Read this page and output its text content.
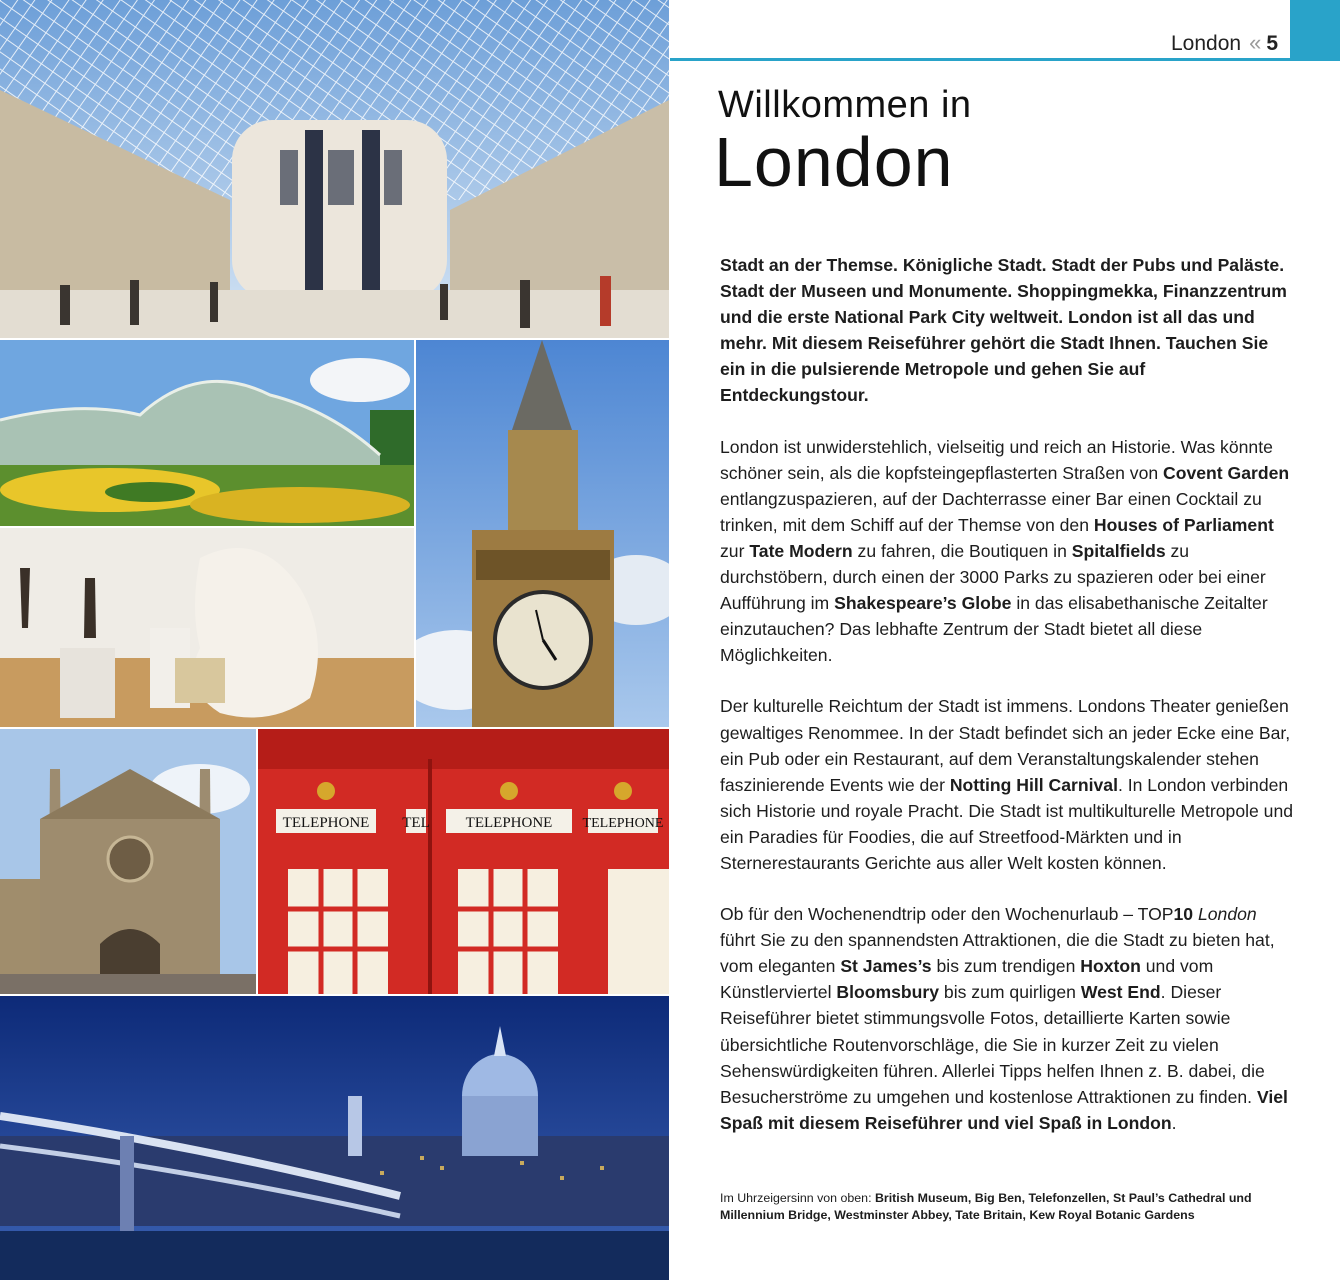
TELEPHONE TEL TELEPHONE TELEPHONE
London « 5
Willkommen in
London

Stadt an der Themse. Königliche Stadt. Stadt der Pubs und Paläste. Stadt der Museen und Monumente. Shoppingmekka, Finanzzentrum und die erste National Park City weltweit. London ist all das und mehr. Mit diesem Reiseführer gehört die Stadt Ihnen. Tauchen Sie ein in die pulsierende Metropole und gehen Sie auf Entdeckungstour.

London ist unwiderstehlich, vielseitig und reich an Historie. Was könnte schöner sein, als die kopfsteingepflasterten Straßen von Covent Garden entlangzuspazieren, auf der Dachterrasse einer Bar einen Cocktail zu trinken, mit dem Schiff auf der Themse von den Houses of Parliament zur Tate Modern zu fahren, die Boutiquen in Spitalfields zu durchstöbern, durch einen der 3000 Parks zu spazieren oder bei einer Aufführung im Shakespeare’s Globe in das elisabethanische Zeitalter einzutauchen? Das lebhafte Zentrum der Stadt bietet all diese Möglichkeiten.

Der kulturelle Reichtum der Stadt ist immens. Londons Theater genießen gewaltiges Renommee. In der Stadt befindet sich an jeder Ecke eine Bar, ein Pub oder ein Restaurant, auf dem Veranstaltungskalender stehen faszinierende Events wie der Notting Hill Carnival. In London verbinden sich Historie und royale Pracht. Die Stadt ist multikulturelle Metropole und ein Paradies für Foodies, die auf Streetfood-Märkten und in Sternerestaurants Gerichte aus aller Welt kosten können.

Ob für den Wochenendtrip oder den Wochenurlaub – TOP10 London führt Sie zu den spannendsten Attraktionen, die die Stadt zu bieten hat, vom eleganten St James’s bis zum trendigen Hoxton und vom Künstlerviertel Bloomsbury bis zum quirligen West End. Dieser Reiseführer bietet stimmungsvolle Fotos, detaillierte Karten sowie übersichtliche Routenvorschläge, die Sie in kurzer Zeit zu vielen Sehenswürdigkeiten führen. Allerlei Tipps helfen Ihnen z. B. dabei, die Besucherströme zu umgehen und kostenlose Attraktionen zu finden. Viel Spaß mit diesem Reiseführer und viel Spaß in London.

Im Uhrzeigersinn von oben: British Museum, Big Ben, Telefonzellen, St Paul’s Cathedral und Millennium Bridge, Westminster Abbey, Tate Britain, Kew Royal Botanic Gardens
